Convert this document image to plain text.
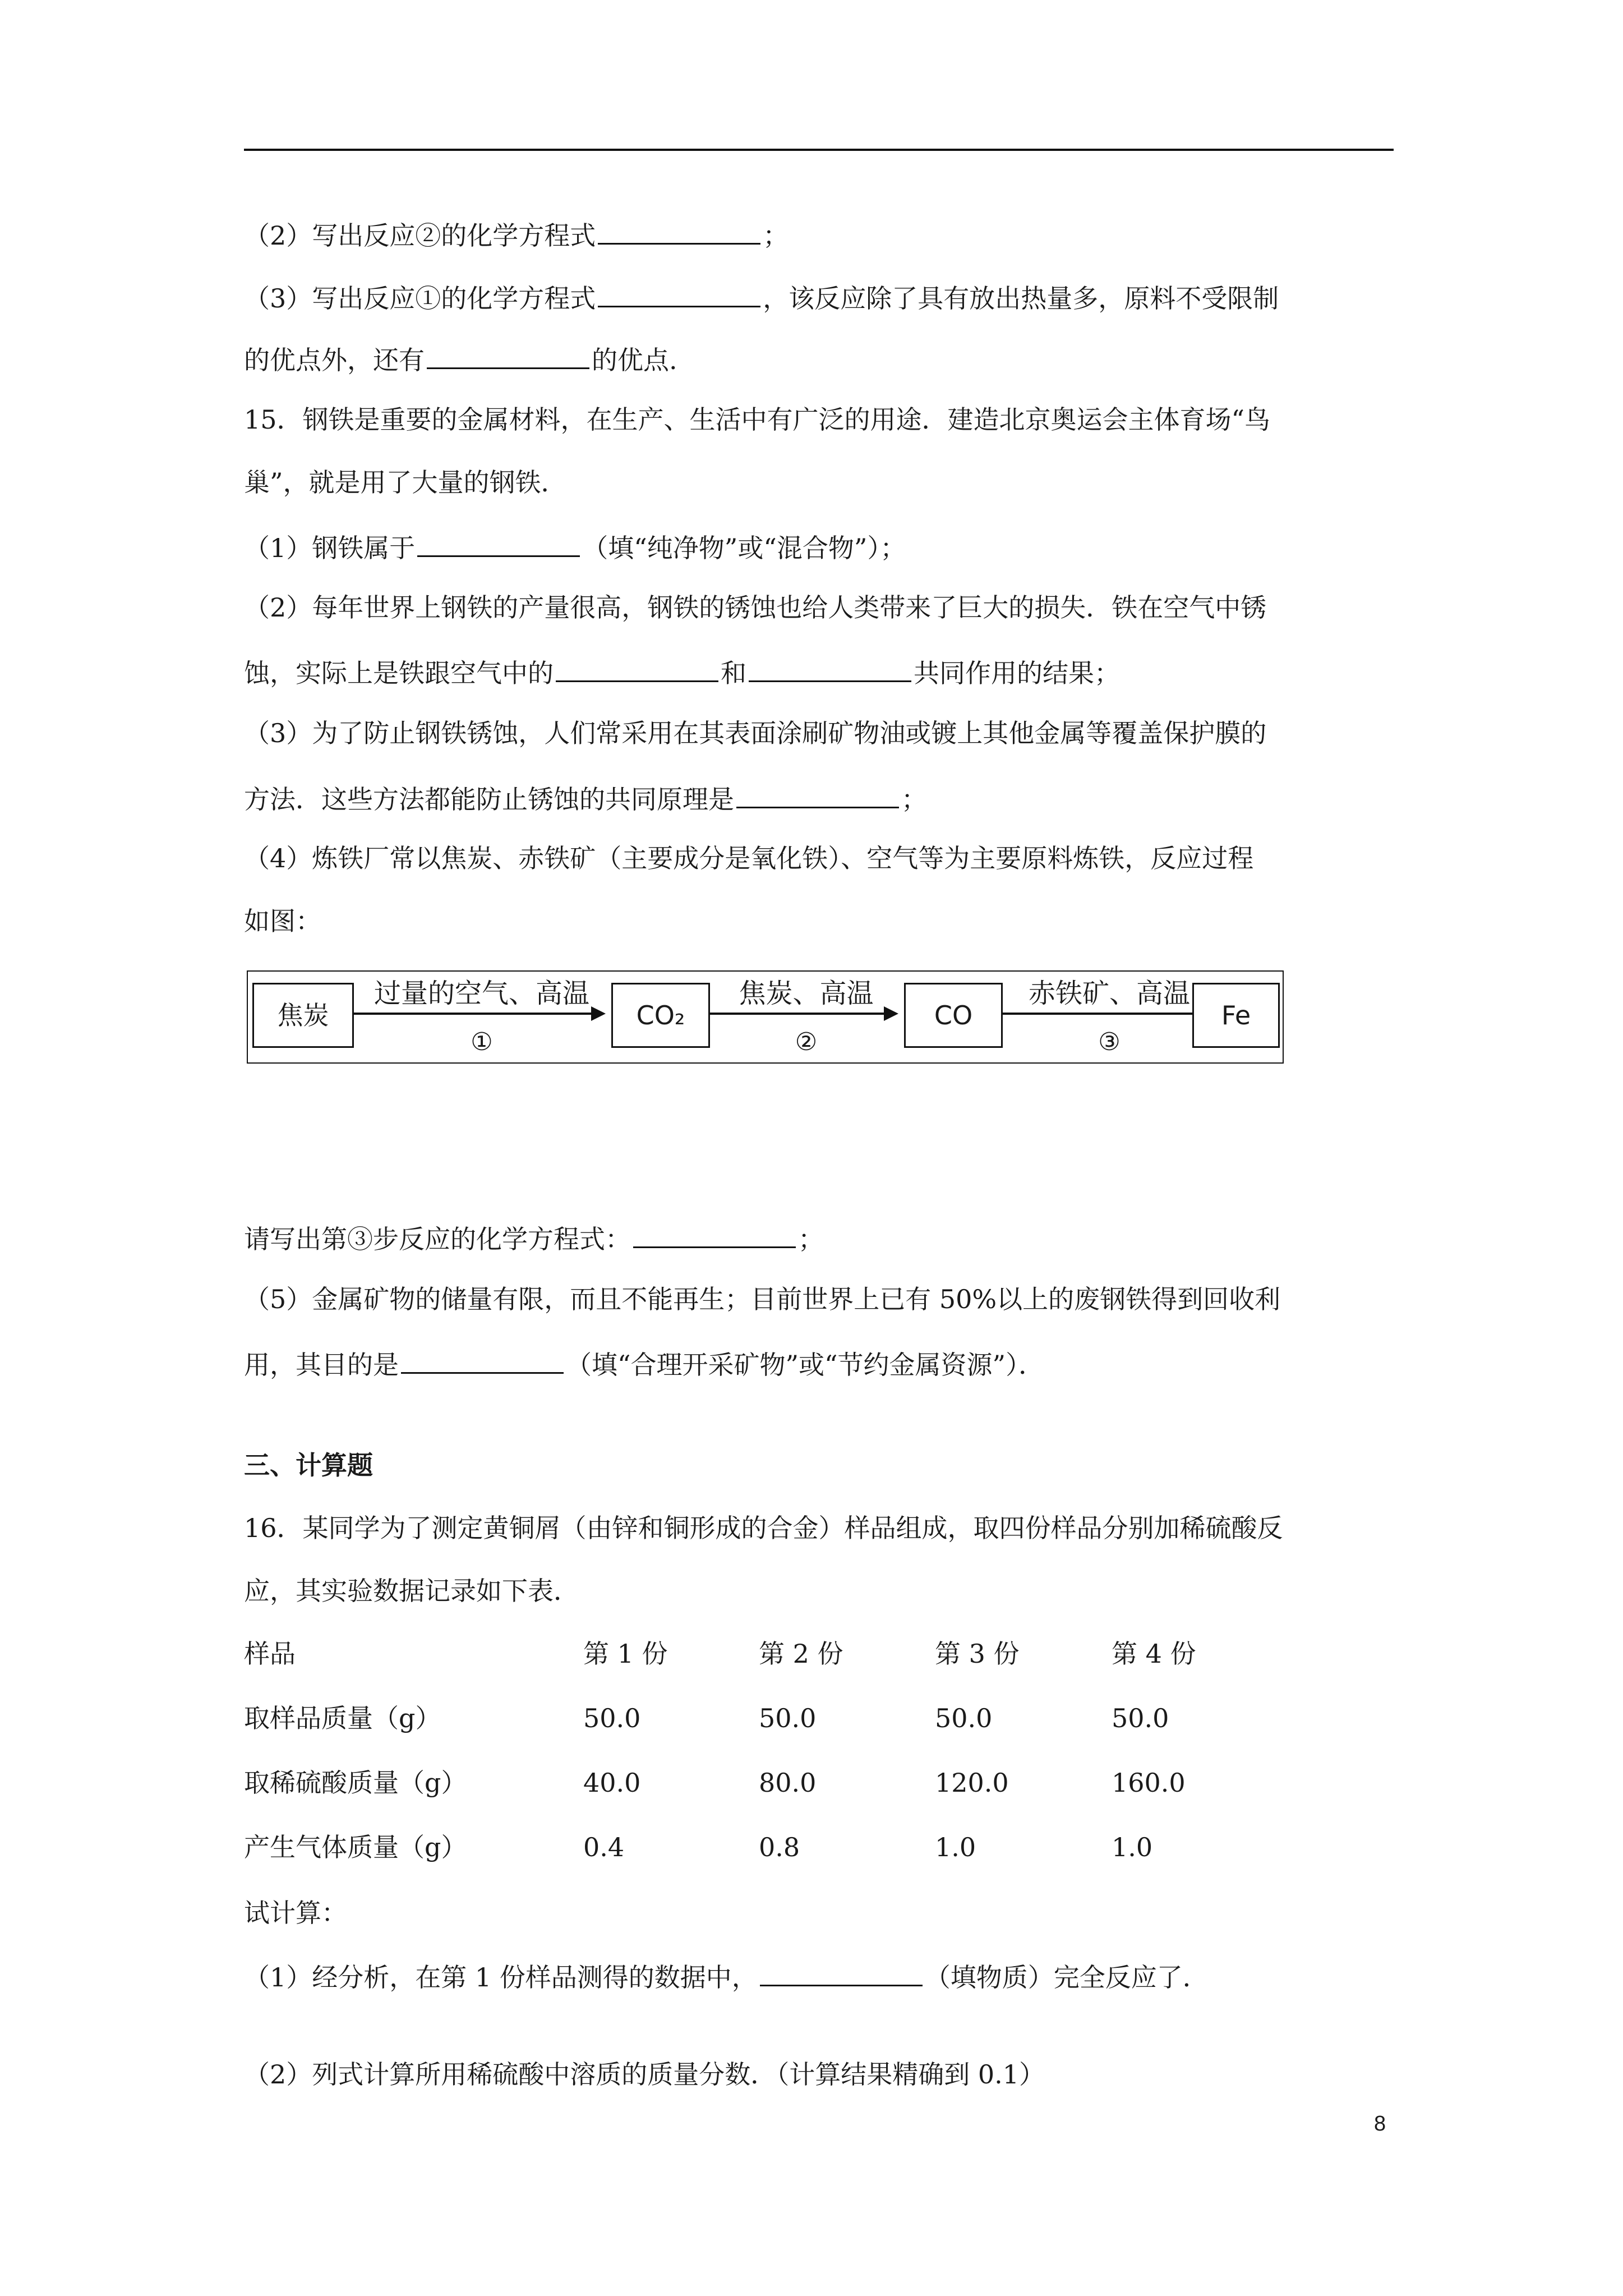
（2）写出反应②的化学方程式	；
（3）写出反应①的化学方程式	，该反应除了具有放出热量多，原料不受限制
的优点外，还有	的优点.
15．钢铁是重要的金属材料，在生产、生活中有广泛的用途．建造北京奥运会主体育场“鸟
巢”，就是用了大量的钢铁．
（1）钢铁属于	（填“纯净物”或“混合物”）；
（2）每年世界上钢铁的产量很高，钢铁的锈蚀也给人类带来了巨大的损失．铁在空气中锈
蚀，实际上是铁跟空气中的	和	共同作用的结果；
（3）为了防止钢铁锈蚀，人们常采用在其表面涂刷矿物油或镀上其他金属等覆盖保护膜的
方法．这些方法都能防止锈蚀的共同原理是	；
（4）炼铁厂常以焦炭、赤铁矿（主要成分是氧化铁）、空气等为主要原料炼铁，反应过程
如图：
焦炭
过量的空气、高温
①
CO₂
焦炭、高温
②
CO
赤铁矿、高温
③
Fe
请写出第③步反应的化学方程式：	；
（5）金属矿物的储量有限，而且不能再生；目前世界上已有 50%以上的废钢铁得到回收利
用，其目的是	（填“合理开采矿物”或“节约金属资源”）．
三、计算题
16．某同学为了测定黄铜屑（由锌和铜形成的合金）样品组成，取四份样品分别加稀硫酸反
应，其实验数据记录如下表．
样品	第 1 份	第 2 份	第 3 份	第 4 份
取样品质量（g）	50.0	50.0	50.0	50.0
取稀硫酸质量（g）	40.0	80.0	120.0	160.0
产生气体质量（g）	0.4	0.8	1.0	1.0
试计算：
（1）经分析，在第 1 份样品测得的数据中，	（填物质）完全反应了．
（2）列式计算所用稀硫酸中溶质的质量分数．（计算结果精确到 0.1）
8
